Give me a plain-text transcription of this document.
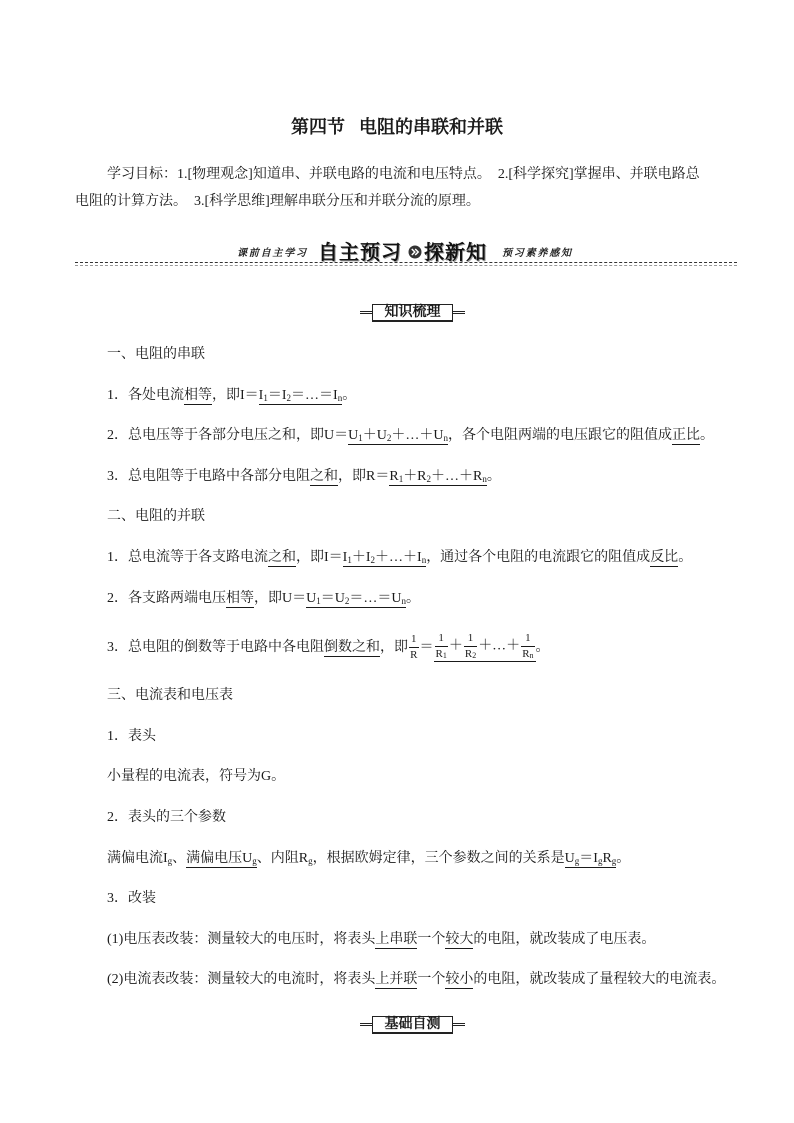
第四节 电阻的串联和并联
学习目标：1.[物理观念]知道串、并联电路的电流和电压特点。　2.[科学探究]掌握串、并联电路总
电阻的计算方法。　3.[科学思维]理解串联分压和并联分流的原理。
课前自主学习 自主预习 探新知 预习素养感知
知识梳理
一、电阻的串联
1．各处电流相等，即$I=I_1=I_2=\dots=I_n$。
2．总电压等于各部分电压之和，即$U=U_1+U_2+\dots+U_n$，各个电阻两端的电压跟它的阻值成正比。
3．总电阻等于电路中各部分电阻之和，即$R=R_1+R_2+\dots+R_n$。
二、电阻的并联
1．总电流等于各支路电流之和，即$I=I_1+I_2+\dots+I_n$，通过各个电阻的电流跟它的阻值成反比。
2．各支路两端电压相等，即$U=U_1=U_2=\dots=U_n$。
3．总电阻的倒数等于电路中各电阻倒数之和，即 $\frac{1}{R} = \frac{1}{R_1} + \frac{1}{R_2}$ ＋…＋ $\frac{1}{R_n}$ 。
三、电流表和电压表
1．表头
小量程的电流表，符号为G。
2．表头的三个参数
满偏电流$I_g$、满偏电压$U_g$、内阻$R_g$，根据欧姆定律，三个参数之间的关系是$U_g=I_gR_g$。
3．改装
(1)电压表改装：测量较大的电压时，将表头上串联一个较大的电阻，就改装成了电压表。
(2)电流表改装：测量较大的电流时，将表头上并联一个较小的电阻，就改装成了量程较大的电流表。
基础自测
